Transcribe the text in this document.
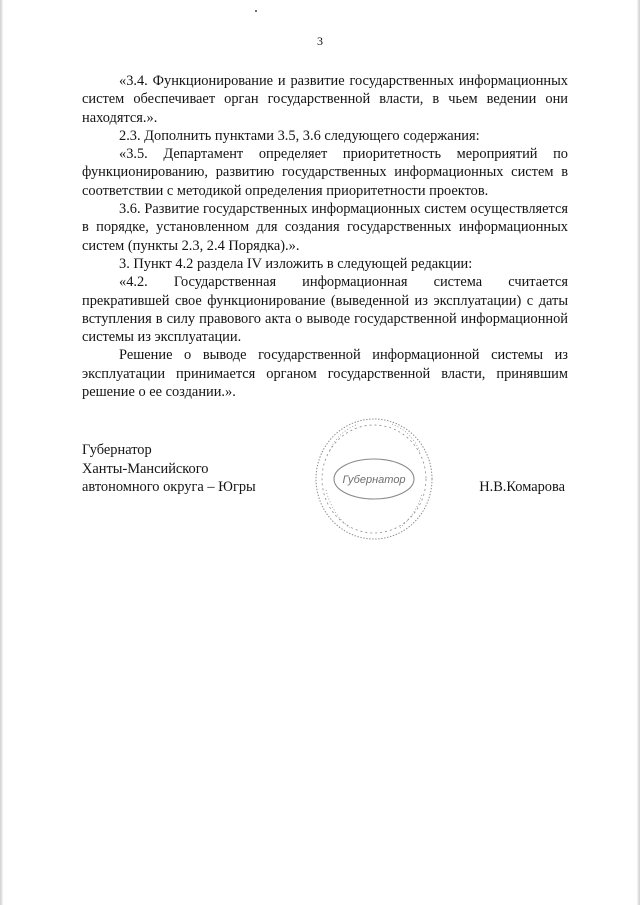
3

«3.4. Функционирование и развитие государственных информационных систем обеспечивает орган государственной власти, в чьем ведении они находятся.».

2.3. Дополнить пунктами 3.5, 3.6 следующего содержания:

«3.5. Департамент определяет приоритетность мероприятий по функционированию, развитию государственных информационных систем в соответствии с методикой определения приоритетности проектов.

3.6. Развитие государственных информационных систем осуществляется в порядке, установленном для создания государственных информационных систем (пункты 2.3, 2.4 Порядка).».

3. Пункт 4.2 раздела IV изложить в следующей редакции:

«4.2. Государственная информационная система считается прекратившей свое функционирование (выведенной из эксплуатации) с даты вступления в силу правового акта о выводе государственной информационной системы из эксплуатации.

Решение о выводе государственной информационной системы из эксплуатации принимается органом государственной власти, принявшим решение о ее создании.».

Губернатор
Ханты-Мансийского
автономного округа – Югры	Губернатор	Н.В.Комарова
